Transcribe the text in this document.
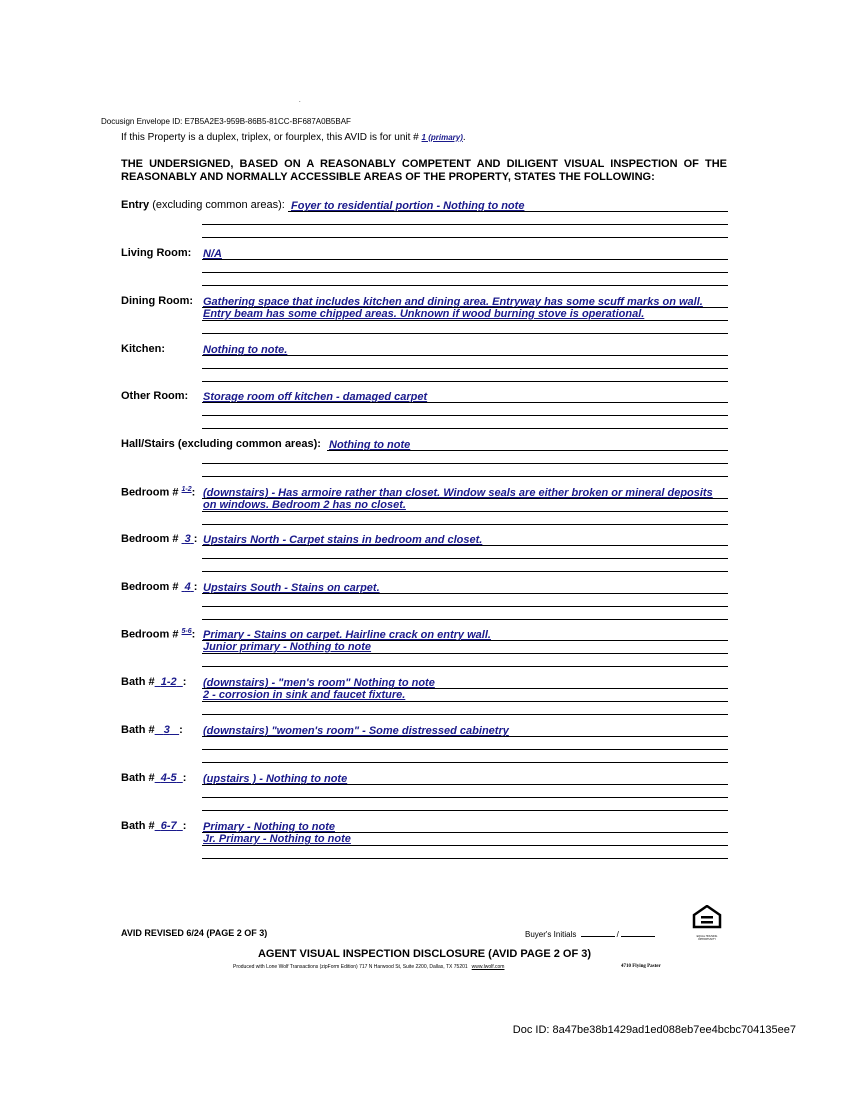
.
Docusign Envelope ID: E7B5A2E3-959B-86B5-81CC-BF687A0B5BAF
If this Property is a duplex, triplex, or fourplex, this AVID is for unit # 1 (primary).
THE UNDERSIGNED, BASED ON A REASONABLY COMPETENT AND DILIGENT VISUAL INSPECTION OF THE REASONABLY AND NORMALLY ACCESSIBLE AREAS OF THE PROPERTY, STATES THE FOLLOWING:
Entry (excluding common areas): Foyer to residential portion - Nothing to note
Living Room: N/A
Dining Room: Gathering space that includes kitchen and dining area. Entryway has some scuff marks on wall.
Entry beam has some chipped areas. Unknown if wood burning stove is operational.
Kitchen:	Nothing to note.
Other Room: Storage room off kitchen - damaged carpet
Hall/Stairs (excluding common areas): Nothing to note
Bedroom # $^{1-2}$: (downstairs) - Has armoire rather than closet. Window seals are either broken or mineral deposits
on windows. Bedroom 2 has no closet.
Bedroom # 3 : Upstairs North - Carpet stains in bedroom and closet.
Bedroom # 4 : Upstairs South - Stains on carpet.
Bedroom # $^{5-6}$: Primary - Stains on carpet. Hairline crack on entry wall.
Junior primary - Nothing to note
Bath # 1-2 : (downstairs) - "men's room" Nothing to note
2 - corrosion in sink and faucet fixture.
Bath # 3 : (downstairs) "women's room" - Some distressed cabinetry
Bath # 4-5 : (upstairs ) - Nothing to note
Bath # 6-7 : Primary - Nothing to note
Jr. Primary - Nothing to note
AVID REVISED 6/24 (PAGE 2 OF 3)	Buyer's Initials	/	EQUAL HOUSING OPPORTUNITY
AGENT VISUAL INSPECTION DISCLOSURE (AVID PAGE 2 OF 3)
Produced with Lone Wolf Transactions (zipForm Edition) 717 N Harwood St, Suite 2200, Dallas, TX 75201 www.lwolf.com	4710 Flying Paster
Doc ID: 8a47be38b1429ad1ed088eb7ee4bcbc704135ee7
